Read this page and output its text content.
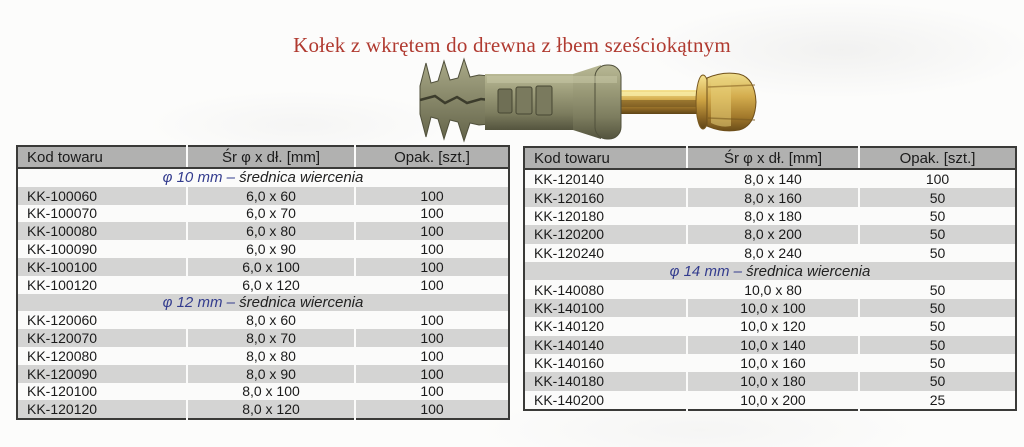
Kołek z wkrętem do drewna z łbem sześciokątnym
Kod towaru	Śr φ x dł. [mm]	Opak. [szt.]
φ 10 mm – średnica wiercenia		
KK-100060	6,0 x 60	100
KK-100070	6,0 x 70	100
KK-100080	6,0 x 80	100
KK-100090	6,0 x 90	100
KK-100100	6,0 x 100	100
KK-100120	6,0 x 120	100
φ 12 mm – średnica wiercenia		
KK-120060	8,0 x 60	100
KK-120070	8,0 x 70	100
KK-120080	8,0 x 80	100
KK-120090	8,0 x 90	100
KK-120100	8,0 x 100	100
KK-120120	8,0 x 120	100
Kod towaru	Śr φ x dł. [mm]	Opak. [szt.]
KK-120140	8,0 x 140	100
KK-120160	8,0 x 160	50
KK-120180	8,0 x 180	50
KK-120200	8,0 x 200	50
KK-120240	8,0 x 240	50
φ 14 mm – średnica wiercenia		
KK-140080	10,0 x 80	50
KK-140100	10,0 x 100	50
KK-140120	10,0 x 120	50
KK-140140	10,0 x 140	50
KK-140160	10,0 x 160	50
KK-140180	10,0 x 180	50
KK-140200	10,0 x 200	25
